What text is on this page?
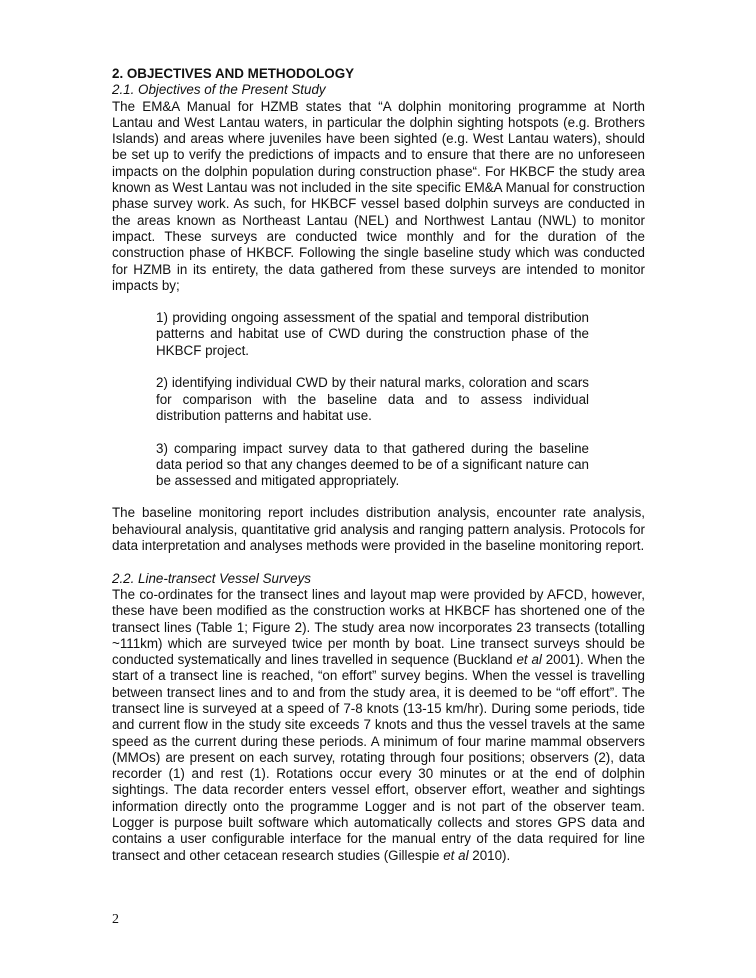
2. OBJECTIVES AND METHODOLOGY
2.1. Objectives of the Present Study
The EM&A Manual for HZMB states that “A dolphin monitoring programme at North Lantau and West Lantau waters, in particular the dolphin sighting hotspots (e.g. Brothers Islands) and areas where juveniles have been sighted (e.g. West Lantau waters), should be set up to verify the predictions of impacts and to ensure that there are no unforeseen impacts on the dolphin population during construction phase“. For HKBCF the study area known as West Lantau was not included in the site specific EM&A Manual for construction phase survey work. As such, for HKBCF vessel based dolphin surveys are conducted in the areas known as Northeast Lantau (NEL) and Northwest Lantau (NWL) to monitor impact. These surveys are conducted twice monthly and for the duration of the construction phase of HKBCF. Following the single baseline study which was conducted for HZMB in its entirety, the data gathered from these surveys are intended to monitor impacts by;
1) providing ongoing assessment of the spatial and temporal distribution patterns and habitat use of CWD during the construction phase of the HKBCF project.
2) identifying individual CWD by their natural marks, coloration and scars for comparison with the baseline data and to assess individual distribution patterns and habitat use.
3) comparing impact survey data to that gathered during the baseline data period so that any changes deemed to be of a significant nature can be assessed and mitigated appropriately.
The baseline monitoring report includes distribution analysis, encounter rate analysis, behavioural analysis, quantitative grid analysis and ranging pattern analysis. Protocols for data interpretation and analyses methods were provided in the baseline monitoring report.
2.2. Line-transect Vessel Surveys
The co-ordinates for the transect lines and layout map were provided by AFCD, however, these have been modified as the construction works at HKBCF has shortened one of the transect lines (Table 1; Figure 2). The study area now incorporates 23 transects (totalling ~111km) which are surveyed twice per month by boat. Line transect surveys should be conducted systematically and lines travelled in sequence (Buckland et al 2001). When the start of a transect line is reached, “on effort” survey begins. When the vessel is travelling between transect lines and to and from the study area, it is deemed to be “off effort”. The transect line is surveyed at a speed of 7-8 knots (13-15 km/hr). During some periods, tide and current flow in the study site exceeds 7 knots and thus the vessel travels at the same speed as the current during these periods. A minimum of four marine mammal observers (MMOs) are present on each survey, rotating through four positions; observers (2), data recorder (1) and rest (1). Rotations occur every 30 minutes or at the end of dolphin sightings. The data recorder enters vessel effort, observer effort, weather and sightings information directly onto the programme Logger and is not part of the observer team. Logger is purpose built software which automatically collects and stores GPS data and contains a user configurable interface for the manual entry of the data required for line transect and other cetacean research studies (Gillespie et al 2010).
2
